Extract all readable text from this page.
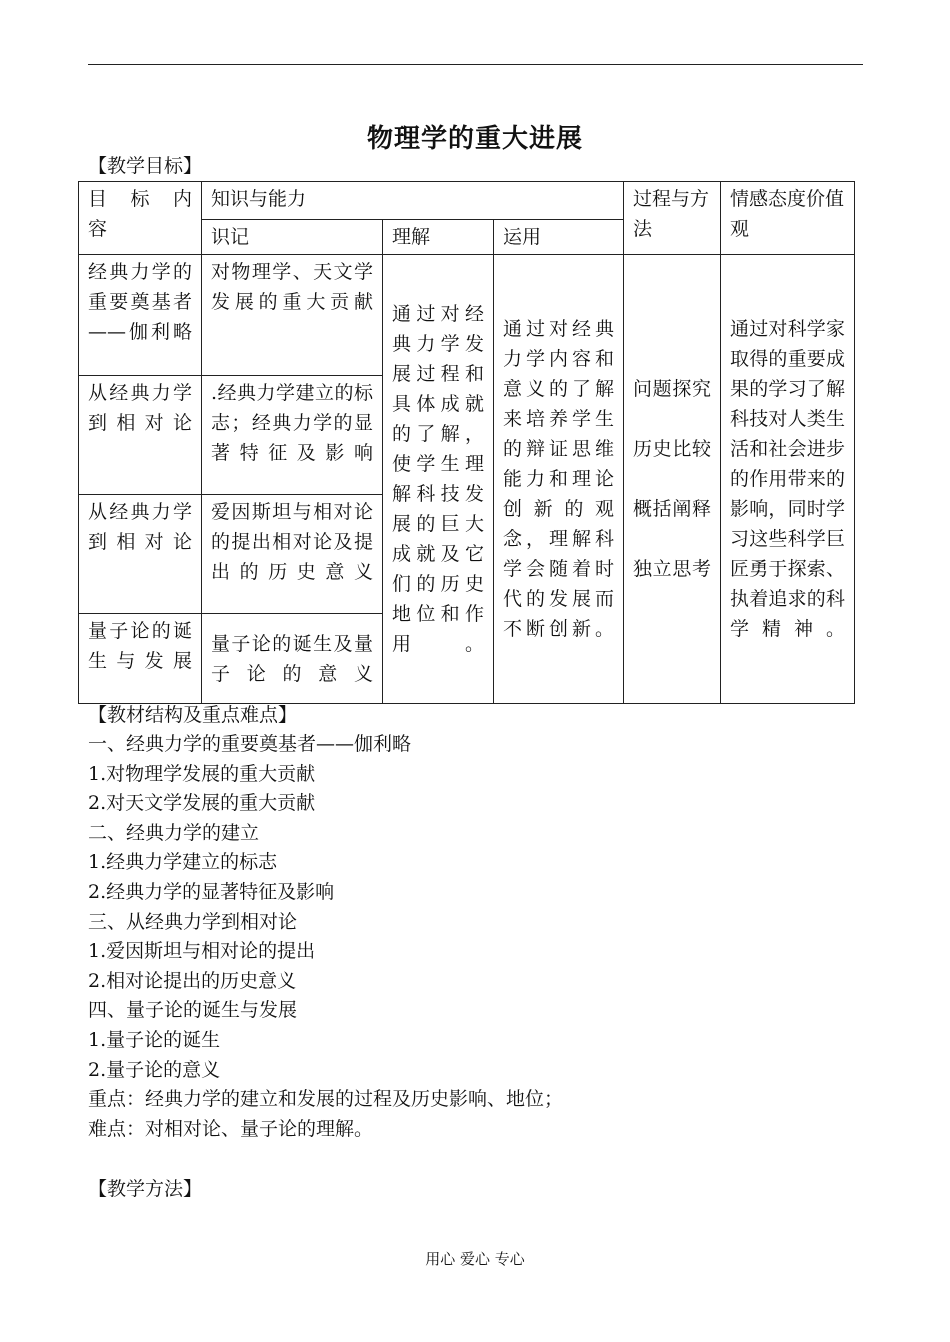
物理学的重大进展
【教学目标】
目　标　内　容	知识与能力			过程与方法	情感态度价值观
	识记	理解	运用		
经典力学的重要奠基者——伽利略	对物理学、天文学发展的重大贡献	通过对经典力学发展过程和具体成就的了解，使学生理解科技发展的巨大成就及它们的历史地位和作用。	通过对经典力学内容和意义的了解来培养学生的辩证思维能力和理论创新的观念，理解科学会随着时代的发展而不断创新。	问题探究
历史比较
概括阐释
独立思考	通过对科学家取得的重要成果的学习了解科技对人类生活和社会进步的作用带来的影响，同时学习这些科学巨匠勇于探索、执着追求的科学精神。
从经典力学到相对论	.经典力学建立的标志；经典力学的显著特征及影响				
从经典力学到相对论	爱因斯坦与相对论的提出相对论及提出的历史意义				
量子论的诞生与发展	量子论的诞生及量子论的意义				
【教材结构及重点难点】
一、经典力学的重要奠基者——伽利略
1.对物理学发展的重大贡献
2.对天文学发展的重大贡献
二、经典力学的建立
1.经典力学建立的标志
2.经典力学的显著特征及影响
三、从经典力学到相对论
1.爱因斯坦与相对论的提出
2.相对论提出的历史意义
四、量子论的诞生与发展
1.量子论的诞生
2.量子论的意义
重点：经典力学的建立和发展的过程及历史影响、地位；
难点：对相对论、量子论的理解。
【教学方法】
用心 爱心 专心
